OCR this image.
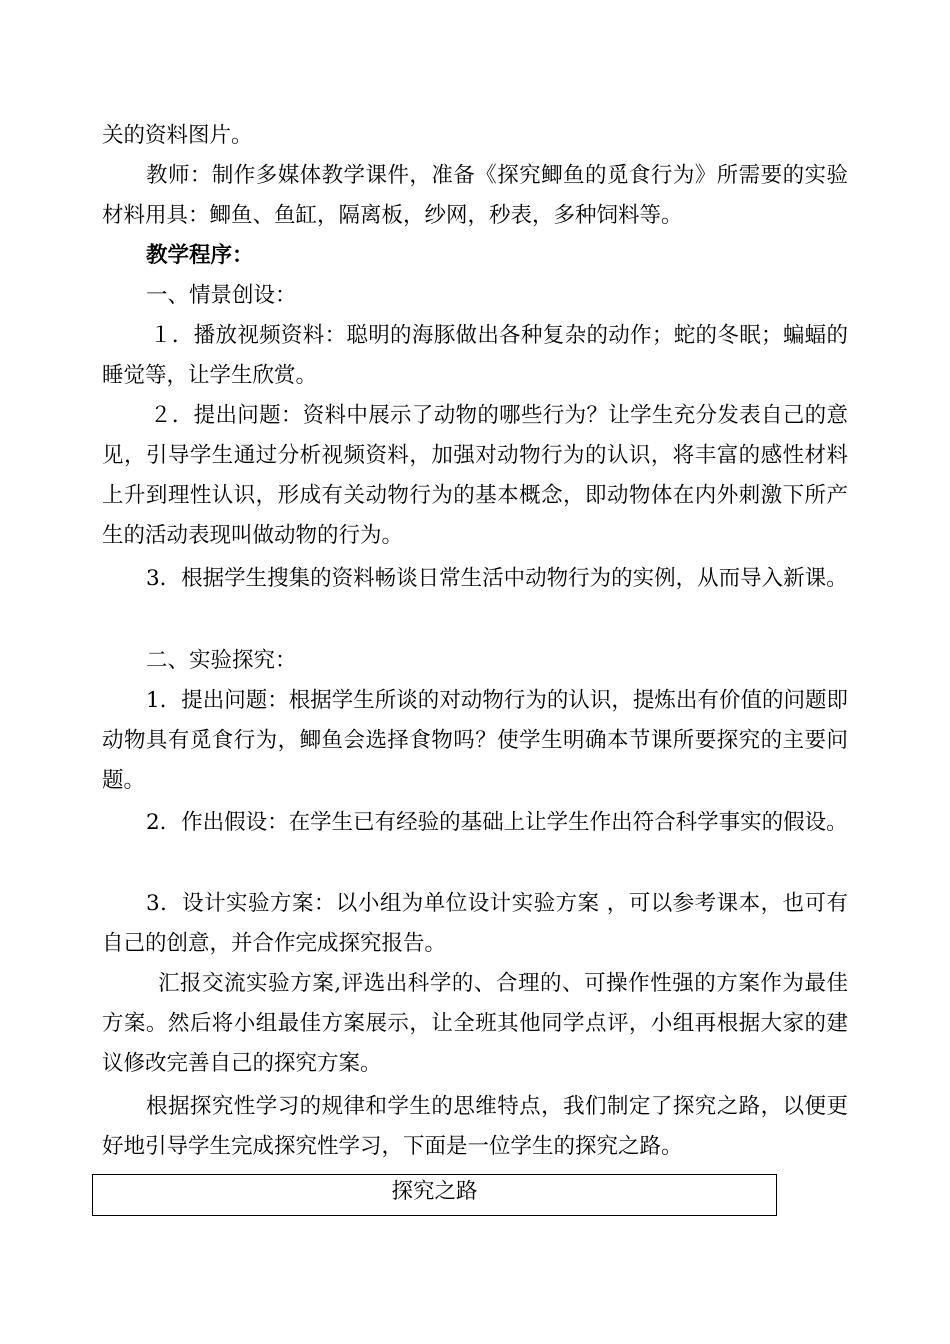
关的资料图片。

教师：制作多媒体教学课件，准备《探究鲫鱼的觅食行为》所需要的实验材料用具：鲫鱼、鱼缸，隔离板，纱网，秒表，多种饲料等。

教学程序：

一、情景创设：

１．播放视频资料：聪明的海豚做出各种复杂的动作；蛇的冬眠；蝙蝠的睡觉等，让学生欣赏。

２．提出问题：资料中展示了动物的哪些行为？让学生充分发表自己的意见，引导学生通过分析视频资料，加强对动物行为的认识，将丰富的感性材料上升到理性认识，形成有关动物行为的基本概念，即动物体在内外刺激下所产生的活动表现叫做动物的行为。

3．根据学生搜集的资料畅谈日常生活中动物行为的实例，从而导入新课。

二、实验探究：

1．提出问题：根据学生所谈的对动物行为的认识，提炼出有价值的问题即动物具有觅食行为，鲫鱼会选择食物吗？使学生明确本节课所要探究的主要问题。

2．作出假设：在学生已有经验的基础上让学生作出符合科学事实的假设。

3．设计实验方案：以小组为单位设计实验方案 ，可以参考课本，也可有自己的创意，并合作完成探究报告。

汇报交流实验方案,评选出科学的、合理的、可操作性强的方案作为最佳方案。然后将小组最佳方案展示，让全班其他同学点评，小组再根据大家的建议修改完善自己的探究方案。

根据探究性学习的规律和学生的思维特点，我们制定了探究之路，以便更好地引导学生完成探究性学习，下面是一位学生的探究之路。

探究之路
